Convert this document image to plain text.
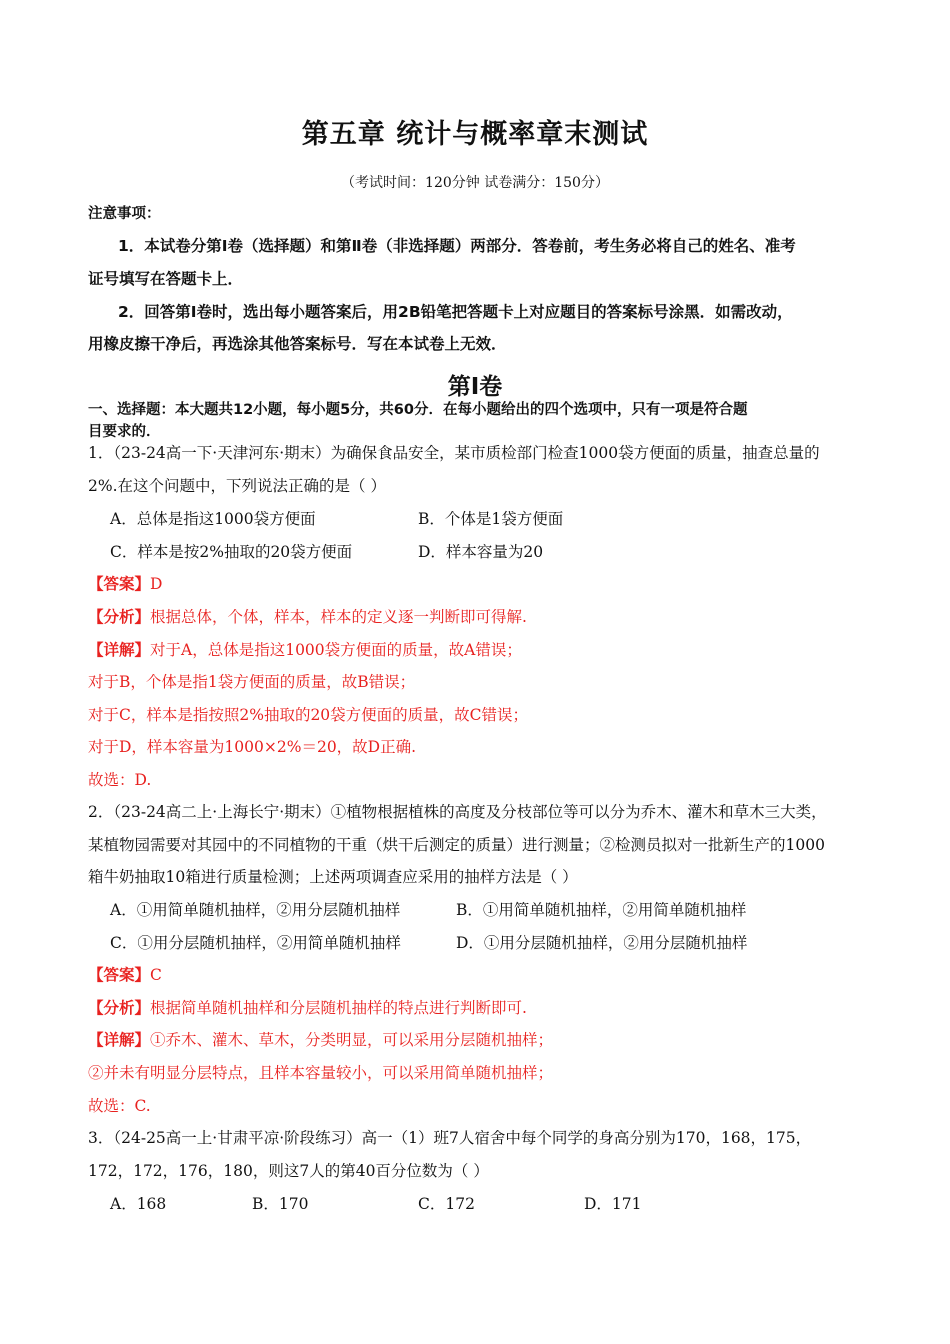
第五章 统计与概率章末测试
（考试时间：120分钟 试卷满分：150分）
注意事项：
1．本试卷分第Ⅰ卷（选择题）和第Ⅱ卷（非选择题）两部分．答卷前，考生务必将自己的姓名、准考
证号填写在答题卡上．
2．回答第Ⅰ卷时，选出每小题答案后，用2B铅笔把答题卡上对应题目的答案标号涂黑．如需改动，
用橡皮擦干净后，再选涂其他答案标号．写在本试卷上无效．
第Ⅰ卷
一、选择题：本大题共12小题，每小题5分，共60分．在每小题给出的四个选项中，只有一项是符合题
目要求的．
1．（23-24高一下·天津河东·期末）为确保食品安全，某市质检部门检查1000袋方便面的质量，抽查总量的
2%.在这个问题中，下列说法正确的是（ ）
A．总体是指这1000袋方便面	B．个体是1袋方便面
C．样本是按2%抽取的20袋方便面	D．样本容量为20
【答案】D
【分析】根据总体，个体，样本，样本的定义逐一判断即可得解.
【详解】对于A，总体是指这1000袋方便面的质量，故A错误；
对于B，个体是指1袋方便面的质量，故B错误；
对于C，样本是指按照2%抽取的20袋方便面的质量，故C错误；
对于D，样本容量为1000×2%＝20，故D正确.
故选：D.
2．（23-24高二上·上海长宁·期末）①植物根据植株的高度及分枝部位等可以分为乔木、灌木和草木三大类，
某植物园需要对其园中的不同植物的干重（烘干后测定的质量）进行测量；②检测员拟对一批新生产的1000
箱牛奶抽取10箱进行质量检测；上述两项调查应采用的抽样方法是（ ）
A．①用简单随机抽样，②用分层随机抽样	B．①用简单随机抽样，②用简单随机抽样
C．①用分层随机抽样，②用简单随机抽样	D．①用分层随机抽样，②用分层随机抽样
【答案】C
【分析】根据简单随机抽样和分层随机抽样的特点进行判断即可.
【详解】①乔木、灌木、草木，分类明显，可以采用分层随机抽样；
②并未有明显分层特点，且样本容量较小，可以采用简单随机抽样；
故选：C.
3．（24-25高一上·甘肃平凉·阶段练习）高一（1）班7人宿舍中每个同学的身高分别为170，168，175，
172，172，176，180，则这7人的第40百分位数为（ ）
A．168	B．170	C．172	D．171
